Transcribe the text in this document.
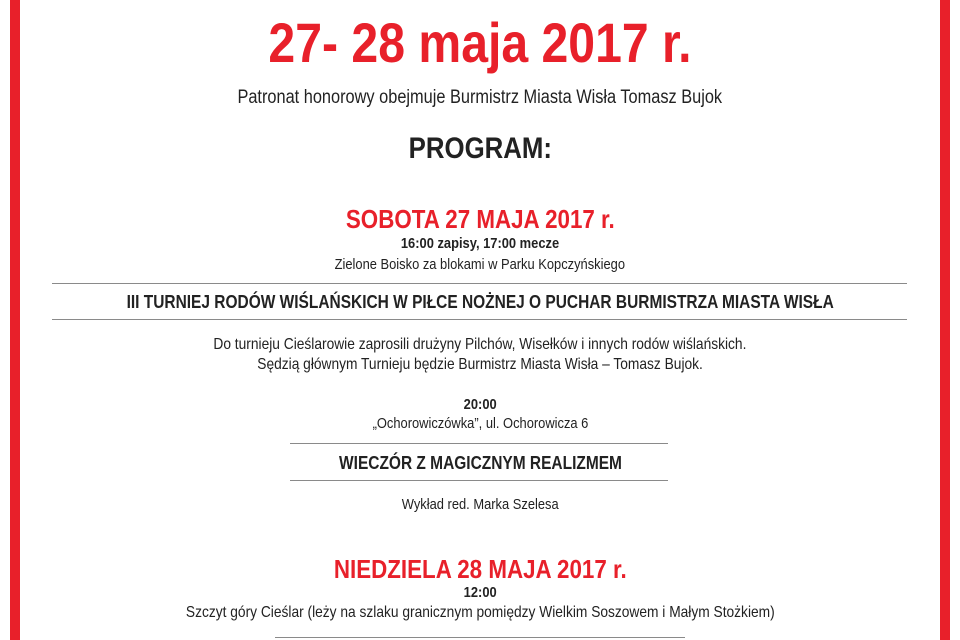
27- 28 maja 2017 r.
Patronat honorowy obejmuje Burmistrz Miasta Wisła Tomasz Bujok
PROGRAM:
SOBOTA 27 MAJA 2017 r.
16:00 zapisy, 17:00 mecze
Zielone Boisko za blokami w Parku Kopczyńskiego
III TURNIEJ RODÓW WIŚLAŃSKICH W PIŁCE NOŻNEJ O PUCHAR BURMISTRZA MIASTA WISŁA
Do turnieju Cieślarowie zaprosili drużyny Pilchów, Wisełków i innych rodów wiślańskich.
Sędzią głównym Turnieju będzie Burmistrz Miasta Wisła – Tomasz Bujok.
20:00
„Ochorowiczówka”, ul. Ochorowicza 6
WIECZÓR Z MAGICZNYM REALIZMEM
Wykład red. Marka Szelesa
NIEDZIELA 28 MAJA 2017 r.
12:00
Szczyt góry Cieślar (leży na szlaku granicznym pomiędzy Wielkim Soszowem i Małym Stożkiem)
